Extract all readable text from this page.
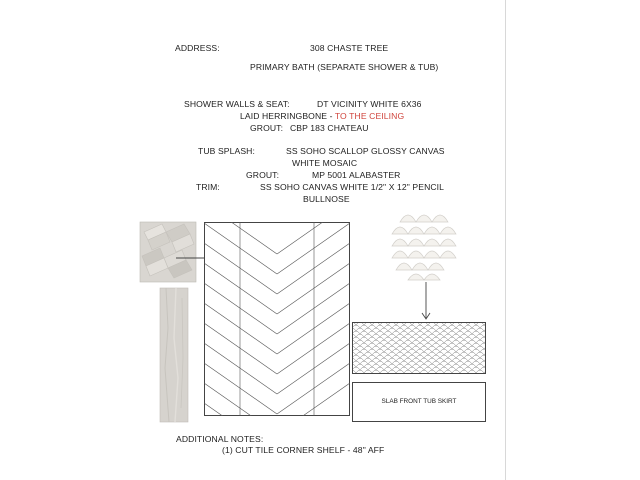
ADDRESS:	308 CHASTE TREE
PRIMARY BATH (SEPARATE SHOWER & TUB)
SHOWER WALLS & SEAT:	DT VICINITY WHITE 6X36
LAID HERRINGBONE - TO THE CEILING
GROUT: CBP 183 CHATEAU
TUB SPLASH:	SS SOHO SCALLOP GLOSSY CANVAS
WHITE MOSAIC
GROUT:	MP 5001 ALABASTER
TRIM:	SS SOHO CANVAS WHITE 1/2" X 12" PENCIL
BULLNOSE
SLAB FRONT TUB SKIRT
ADDITIONAL NOTES:
(1) CUT TILE CORNER SHELF - 48" AFF
